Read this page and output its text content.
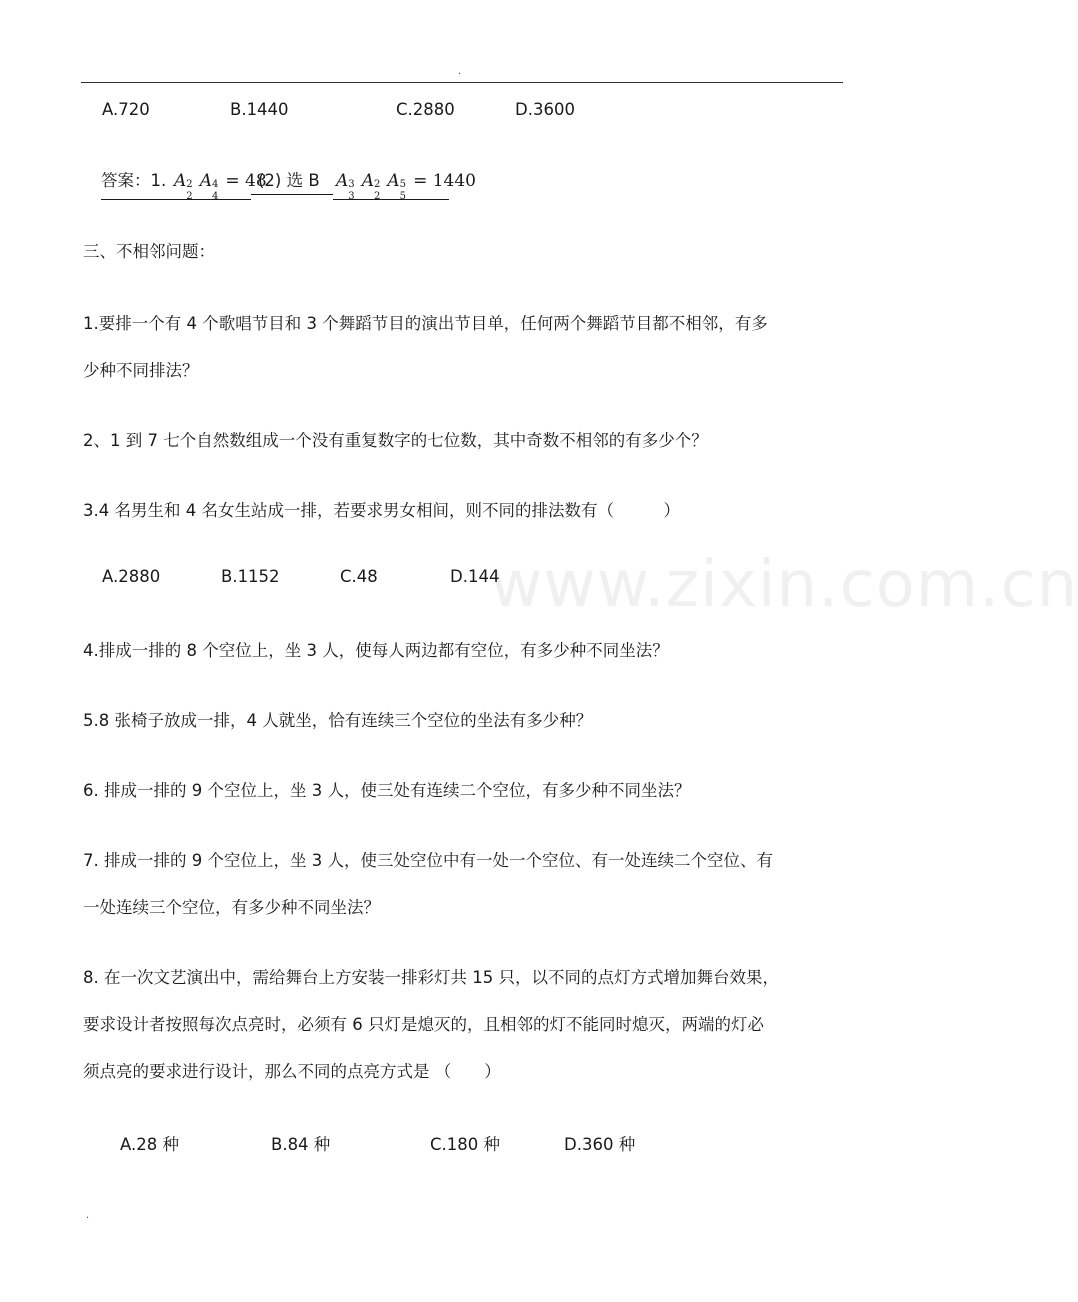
.
www.zixin.com.cn
A.720	B.1440	C.2880	D.3600
答案：1. A 2
2
A 4
4
= 48
(2) 选 B A 3
3
A 2
2
A 5
5
= 1440
三、不相邻问题：
1.要排一个有 4 个歌唱节目和 3 个舞蹈节目的演出节目单，任何两个舞蹈节目都不相邻，有多
少种不同排法？
2、1 到 7 七个自然数组成一个没有重复数字的七位数，其中奇数不相邻的有多少个？
3.4 名男生和 4 名女生站成一排，若要求男女相间，则不同的排法数有（　　　）
A.2880	B.1152	C.48	D.144
4.排成一排的 8 个空位上，坐 3 人，使每人两边都有空位，有多少种不同坐法？
5.8 张椅子放成一排，4 人就坐，恰有连续三个空位的坐法有多少种？
6. 排成一排的 9 个空位上，坐 3 人，使三处有连续二个空位，有多少种不同坐法？
7. 排成一排的 9 个空位上，坐 3 人，使三处空位中有一处一个空位、有一处连续二个空位、有
一处连续三个空位，有多少种不同坐法？
8. 在一次文艺演出中，需给舞台上方安装一排彩灯共 15 只，以不同的点灯方式增加舞台效果，
要求设计者按照每次点亮时，必须有 6 只灯是熄灭的，且相邻的灯不能同时熄灭，两端的灯必
须点亮的要求进行设计，那么不同的点亮方式是 （　　）
A.28 种	B.84 种	C.180 种	D.360 种
.
